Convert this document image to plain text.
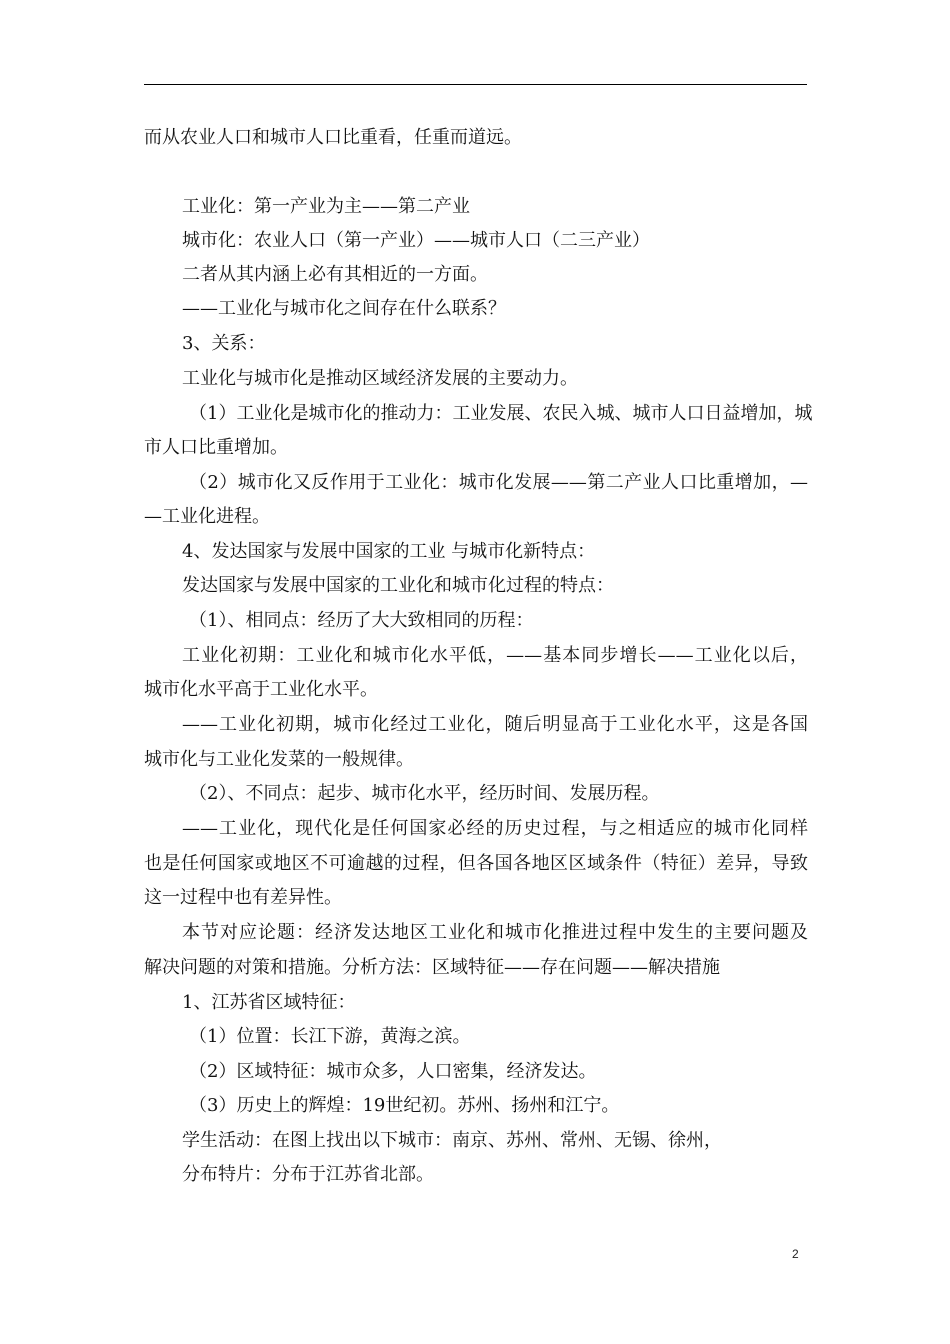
而从农业人口和城市人口比重看，任重而道远。
工业化：第一产业为主——第二产业
城市化：农业人口（第一产业）——城市人口（二三产业）
二者从其内涵上必有其相近的一方面。
——工业化与城市化之间存在什么联系？
3、关系：
工业化与城市化是推动区域经济发展的主要动力。
（1）工业化是城市化的推动力：工业发展、农民入城、城市人口日益增加，城
市人口比重增加。
（2）城市化又反作用于工业化：城市化发展——第二产业人口比重增加，—
—工业化进程。
4、发达国家与发展中国家的工业 与城市化新特点：
发达国家与发展中国家的工业化和城市化过程的特点：
（1）、相同点：经历了大大致相同的历程：
工业化初期：工业化和城市化水平低，——基本同步增长——工业化以后，
城市化水平高于工业化水平。
——工业化初期，城市化经过工业化，随后明显高于工业化水平，这是各国
城市化与工业化发菜的一般规律。
（2）、不同点：起步、城市化水平，经历时间、发展历程。
——工业化，现代化是任何国家必经的历史过程，与之相适应的城市化同样
也是任何国家或地区不可逾越的过程，但各国各地区区域条件（特征）差异，导致
这一过程中也有差异性。
本节对应论题：经济发达地区工业化和城市化推进过程中发生的主要问题及
解决问题的对策和措施。分析方法：区域特征——存在问题——解决措施
1、江苏省区域特征：
（1）位置：长江下游，黄海之滨。
（2）区域特征：城市众多，人口密集，经济发达。
（3）历史上的辉煌：19世纪初。苏州、扬州和江宁。
学生活动：在图上找出以下城市：南京、苏州、常州、无锡、徐州，
分布特片：分布于江苏省北部。
2
